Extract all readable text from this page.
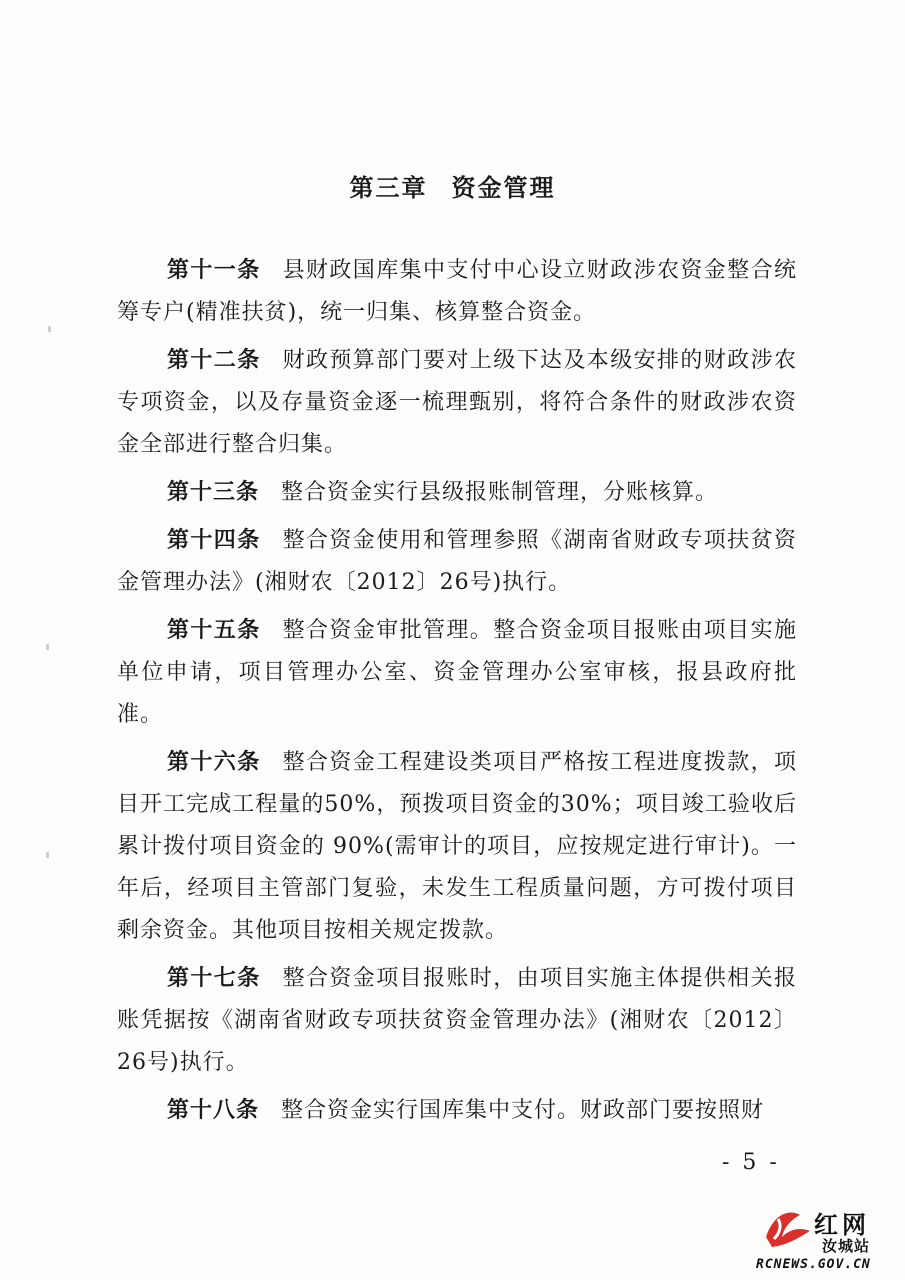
第三章 资金管理

第十一条 县财政国库集中支付中心设立财政涉农资金整合统筹专户(精准扶贫)，统一归集、核算整合资金。

第十二条 财政预算部门要对上级下达及本级安排的财政涉农专项资金，以及存量资金逐一梳理甄别，将符合条件的财政涉农资金全部进行整合归集。

第十三条 整合资金实行县级报账制管理，分账核算。

第十四条 整合资金使用和管理参照《湖南省财政专项扶贫资金管理办法》(湘财农〔2012〕26号)执行。

第十五条 整合资金审批管理。整合资金项目报账由项目实施单位申请，项目管理办公室、资金管理办公室审核，报县政府批准。

第十六条 整合资金工程建设类项目严格按工程进度拨款，项目开工完成工程量的50%，预拨项目资金的30%；项目竣工验收后累计拨付项目资金的 90%(需审计的项目，应按规定进行审计)。一年后，经项目主管部门复验，未发生工程质量问题，方可拨付项目剩余资金。其他项目按相关规定拨款。

第十七条 整合资金项目报账时，由项目实施主体提供相关报账凭据按《湖南省财政专项扶贫资金管理办法》(湘财农〔2012〕26号)执行。

第十八条 整合资金实行国库集中支付。财政部门要按照财

- 5 -
红网
汝城站
RCNEWS.GOV.CN
